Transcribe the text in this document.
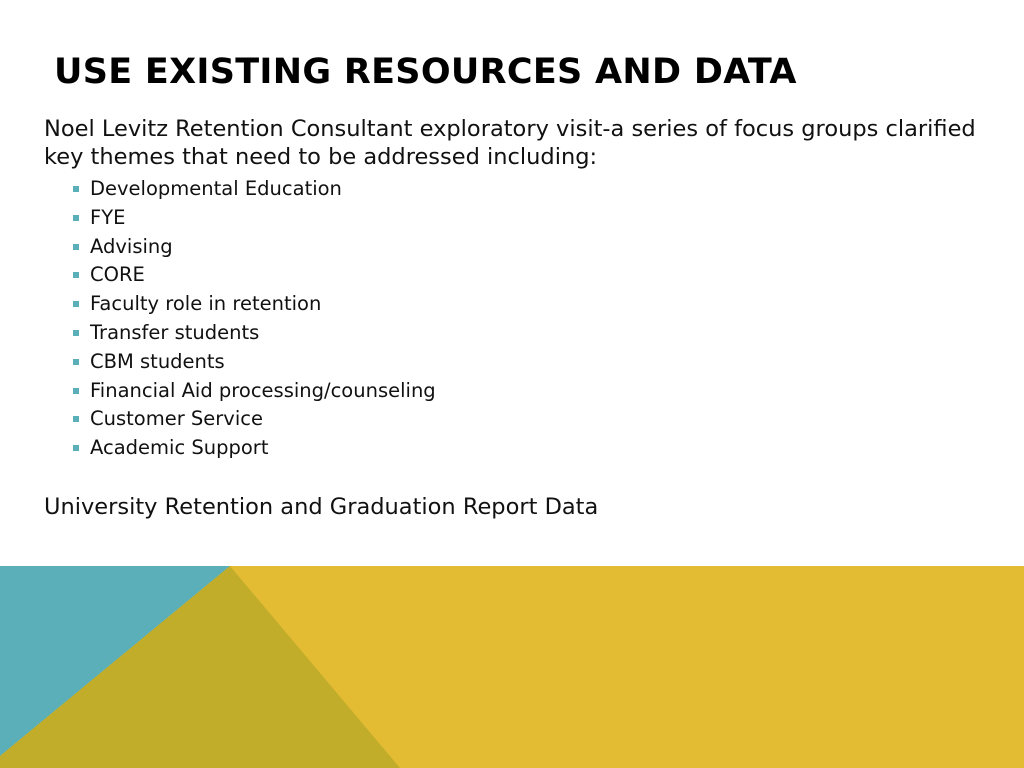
USE EXISTING RESOURCES AND DATA

Noel Levitz Retention Consultant exploratory visit-a series of focus groups clarified key themes that need to be addressed including:

Developmental Education
FYE
Advising
CORE
Faculty role in retention
Transfer students
CBM students
Financial Aid processing/counseling
Customer Service
Academic Support

University Retention and Graduation Report Data
